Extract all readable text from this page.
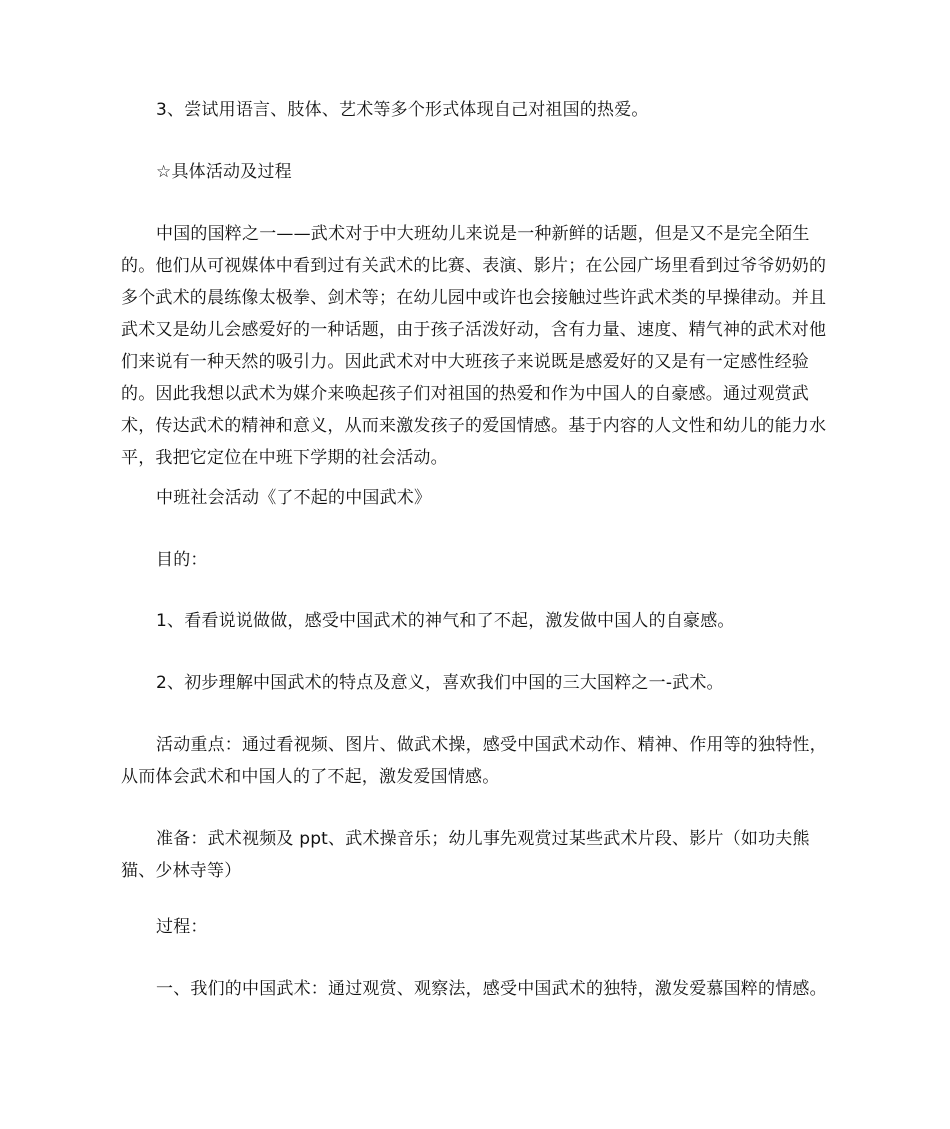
3、尝试用语言、肢体、艺术等多个形式体现自己对祖国的热爱。

☆具体活动及过程

中国的国粹之一——武术对于中大班幼儿来说是一种新鲜的话题，但是又不是完全陌生的。他们从可视媒体中看到过有关武术的比赛、表演、影片；在公园广场里看到过爷爷奶奶的多个武术的晨练像太极拳、剑术等；在幼儿园中或许也会接触过些许武术类的早操律动。并且武术又是幼儿会感爱好的一种话题，由于孩子活泼好动，含有力量、速度、精气神的武术对他们来说有一种天然的吸引力。因此武术对中大班孩子来说既是感爱好的又是有一定感性经验的。因此我想以武术为媒介来唤起孩子们对祖国的热爱和作为中国人的自豪感。通过观赏武术，传达武术的精神和意义，从而来激发孩子的爱国情感。基于内容的人文性和幼儿的能力水平，我把它定位在中班下学期的社会活动。

中班社会活动《了不起的中国武术》

目的：

1、看看说说做做，感受中国武术的神气和了不起，激发做中国人的自豪感。

2、初步理解中国武术的特点及意义，喜欢我们中国的三大国粹之一-武术。

活动重点：通过看视频、图片、做武术操，感受中国武术动作、精神、作用等的独特性，从而体会武术和中国人的了不起，激发爱国情感。

准备：武术视频及 ppt、武术操音乐；幼儿事先观赏过某些武术片段、影片（如功夫熊猫、少林寺等）

过程：

一、我们的中国武术：通过观赏、观察法，感受中国武术的独特，激发爱慕国粹的情感。
